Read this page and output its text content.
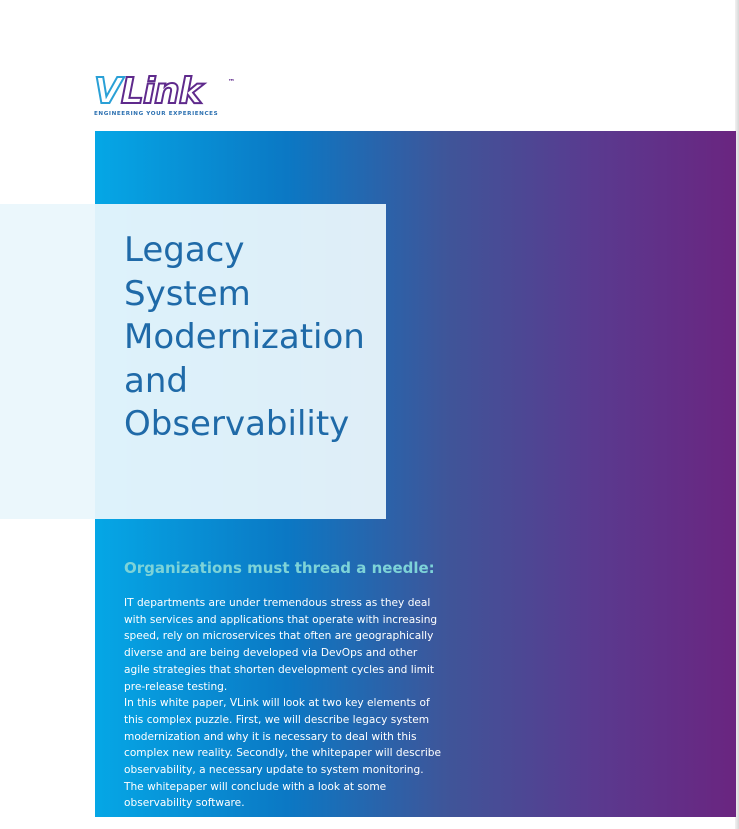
VLink	™
ENGINEERING YOUR EXPERIENCES
Legacy
System
Modernization
and
Observability
Organizations must thread a needle:

IT departments are under tremendous stress as they deal with services and applications that operate with increasing speed, rely on microservices that often are geographically diverse and are being developed via DevOps and other agile strategies that shorten development cycles and limit pre-release testing.

In this white paper, VLink will look at two key elements of this complex puzzle. First, we will describe legacy system modernization and why it is necessary to deal with this complex new reality. Secondly, the whitepaper will describe observability, a necessary update to system monitoring. The whitepaper will conclude with a look at some observability software.
